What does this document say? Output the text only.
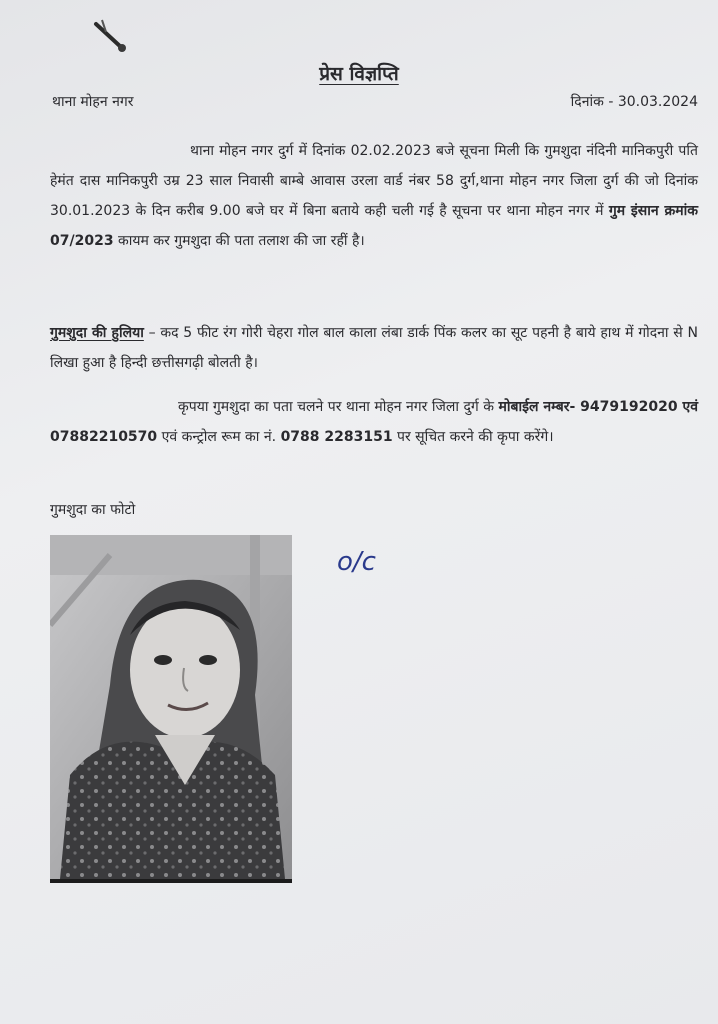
प्रेस विज्ञप्ति
थाना मोहन नगर	दिनांक - 30.03.2024
थाना मोहन नगर दुर्ग में दिनांक 02.02.2023 बजे सूचना मिली कि गुमशुदा नंदिनी मानिकपुरी पति हेमंत दास मानिकपुरी उम्र 23 साल निवासी बाम्बे आवास उरला वार्ड नंबर 58 दुर्ग,थाना मोहन नगर जिला दुर्ग की जो दिनांक 30.01.2023 के दिन करीब 9.00 बजे घर में बिना बताये कही चली गई है सूचना पर थाना मोहन नगर में गुम इंसान क्रमांक 07/2023 कायम कर गुमशुदा की पता तलाश की जा रहीं है।
गुमशुदा की हुलिया – कद 5 फीट रंग गोरी चेहरा गोल बाल काला लंबा डार्क पिंक कलर का सूट पहनी है बाये हाथ में गोदना से N लिखा हुआ है हिन्दी छत्तीसगढ़ी बोलती है।
कृपया गुमशुदा का पता चलने पर थाना मोहन नगर जिला दुर्ग के मोबाईल नम्बर- 9479192020 एवं 07882210570 एवं कन्ट्रोल रूम का नं. 0788 2283151 पर सूचित करने की कृपा करेंगे।
गुमशुदा का फोटो
o/c
